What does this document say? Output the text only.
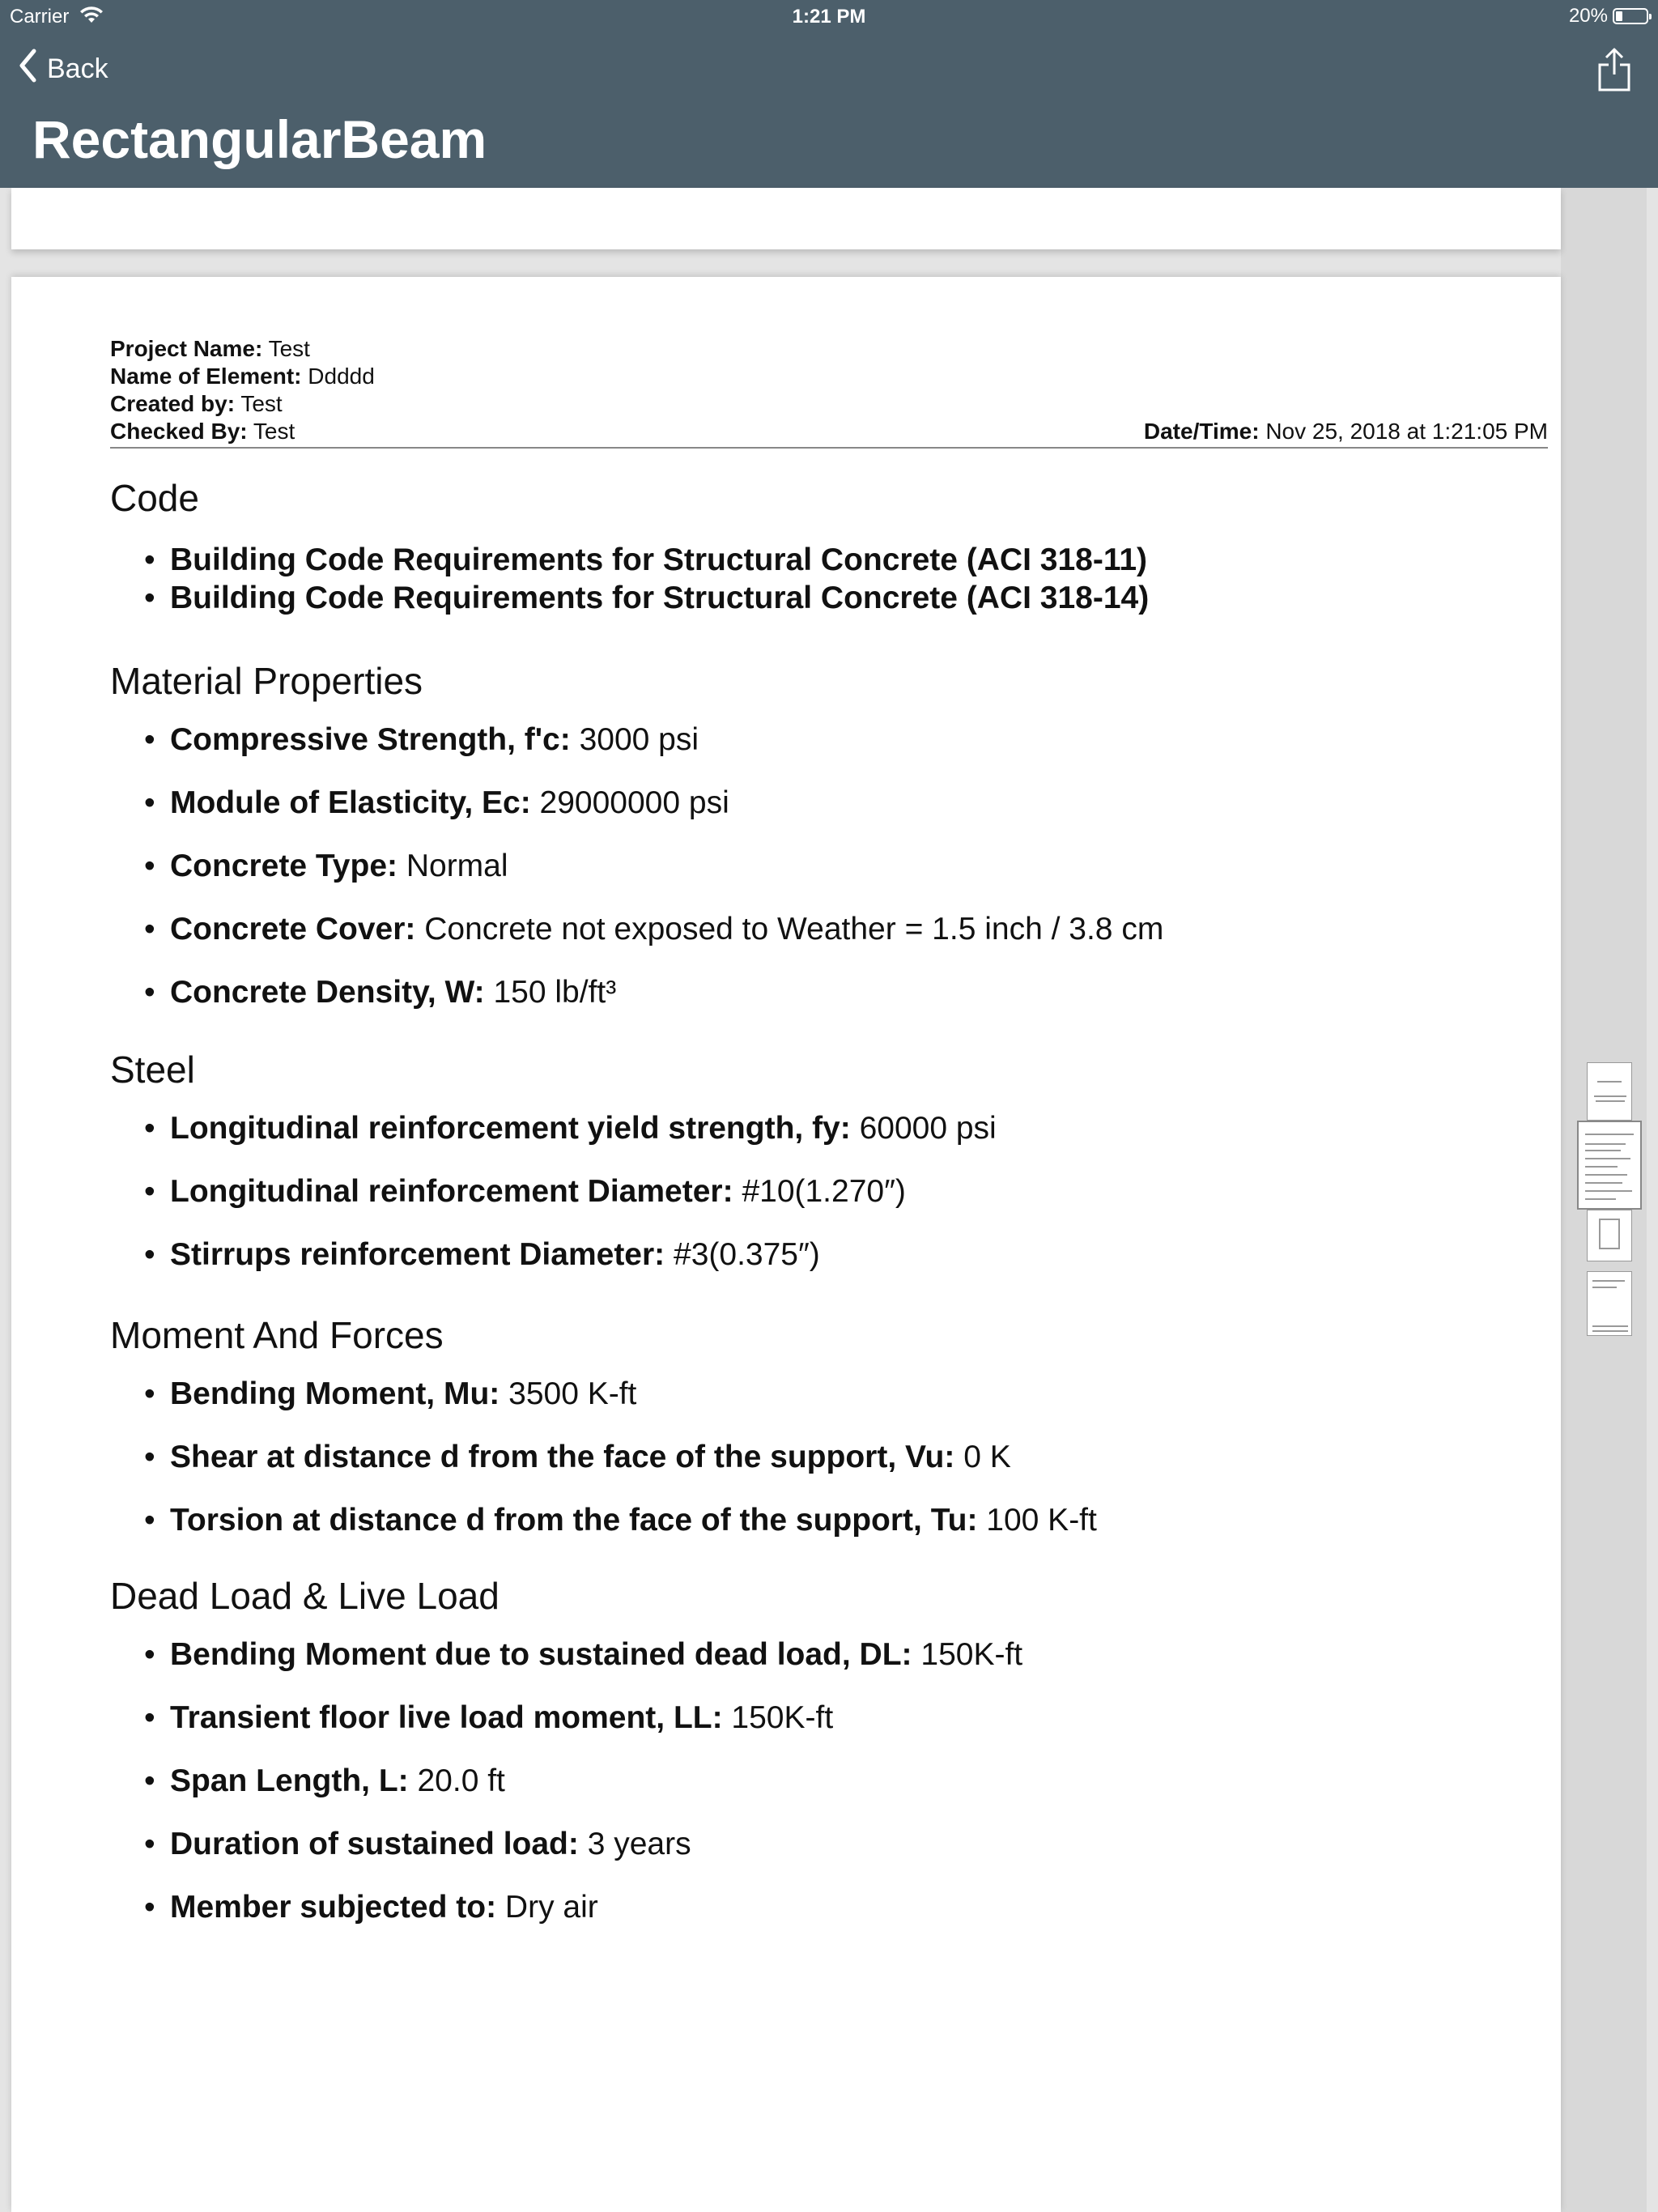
Carrier	1:21 PM	20%
Back
RectangularBeam
Project Name: Test
Name of Element: Ddddd
Created by: Test
Checked By: Test	Date/Time: Nov 25, 2018 at 1:21:05 PM
Code
• Building Code Requirements for Structural Concrete (ACI 318-11)
• Building Code Requirements for Structural Concrete (ACI 318-14)
Material Properties
• Compressive Strength, f'c: 3000 psi
• Module of Elasticity, Ec: 29000000 psi
• Concrete Type: Normal
• Concrete Cover: Concrete not exposed to Weather = 1.5 inch / 3.8 cm
• Concrete Density, W: 150 lb/ft³
Steel
• Longitudinal reinforcement yield strength, fy: 60000 psi
• Longitudinal reinforcement Diameter: #10(1.270″)
• Stirrups reinforcement Diameter: #3(0.375″)
Moment And Forces
• Bending Moment, Mu: 3500 K-ft
• Shear at distance d from the face of the support, Vu: 0 K
• Torsion at distance d from the face of the support, Tu: 100 K-ft
Dead Load & Live Load
• Bending Moment due to sustained dead load, DL: 150K-ft
• Transient floor live load moment, LL: 150K-ft
• Span Length, L: 20.0 ft
• Duration of sustained load: 3 years
• Member subjected to: Dry air
